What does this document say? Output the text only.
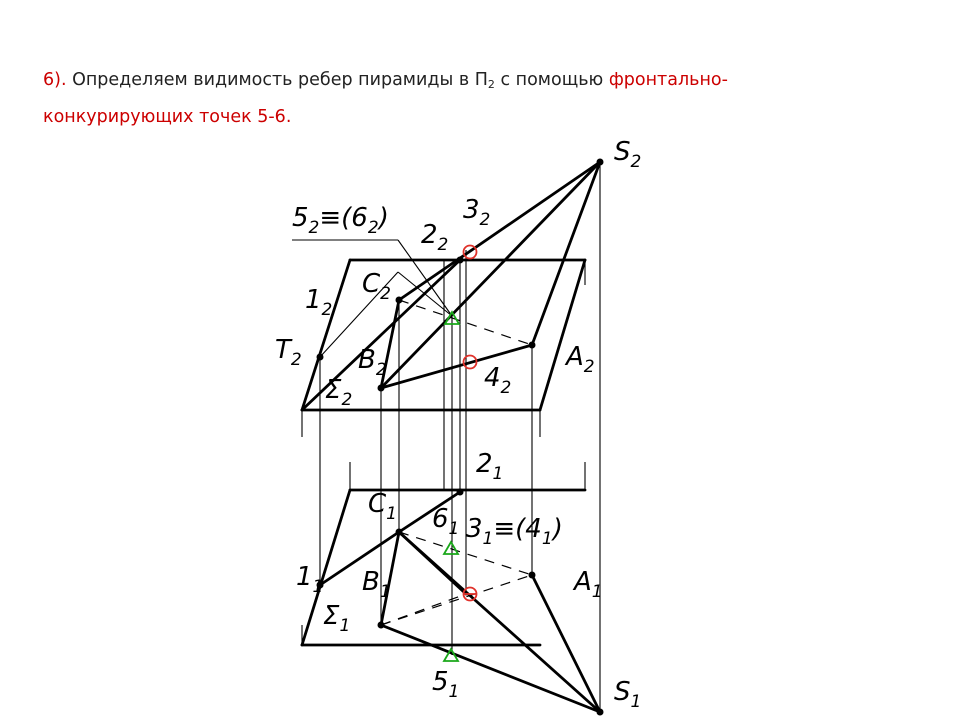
6). Определяем видимость ребер пирамиды в $П_2$ с помощью фронтально-конкурирующих точек 5-6.
$S_2$
$5_2\equiv(6_2)$	$3_2$
$2_2$
$C_2$
$1_2$
$T_2$ $B_2$
$\Sigma_2$
$4_2$
$A_2$
$2_1$
$C_1$ $6_1$ $3_1\equiv(4_1)$
$1_1$ $B_1$	$A_1$
$\Sigma_1$
$5_1$	$S_1$
